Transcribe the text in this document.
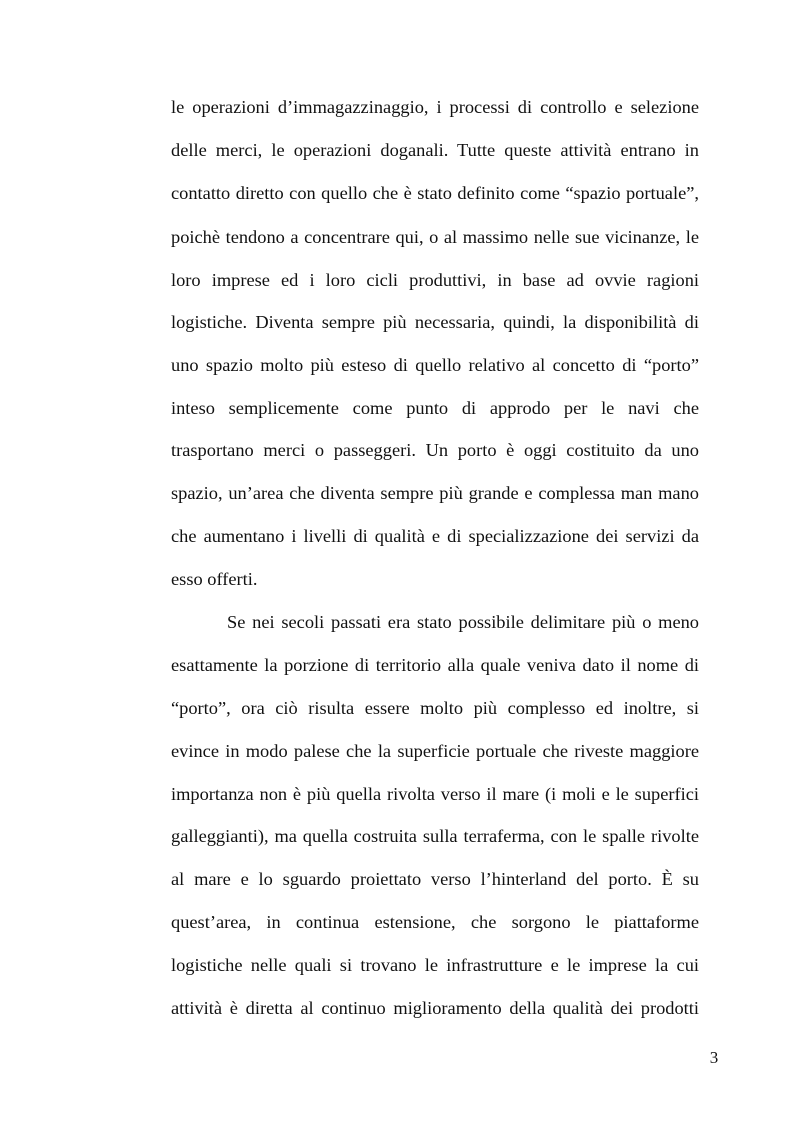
le operazioni d’immagazzinaggio, i processi di controllo e selezione
delle merci, le operazioni doganali. Tutte queste attività entrano in
contatto diretto con quello che è stato definito come “spazio portuale”,
poichè tendono a concentrare qui, o al massimo nelle sue vicinanze, le
loro imprese ed i loro cicli produttivi, in base ad ovvie ragioni
logistiche. Diventa sempre più necessaria, quindi, la disponibilità di
uno spazio molto più esteso di quello relativo al concetto di “porto”
inteso semplicemente come punto di approdo per le navi che
trasportano merci o passeggeri. Un porto è oggi costituito da uno
spazio, un’area che diventa sempre più grande e complessa man mano
che aumentano i livelli di qualità e di specializzazione dei servizi da
esso offerti.
Se nei secoli passati era stato possibile delimitare più o meno
esattamente la porzione di territorio alla quale veniva dato il nome di
“porto”, ora ciò risulta essere molto più complesso ed inoltre, si
evince in modo palese che la superficie portuale che riveste maggiore
importanza non è più quella rivolta verso il mare (i moli e le superfici
galleggianti), ma quella costruita sulla terraferma, con le spalle rivolte
al mare e lo sguardo proiettato verso l’hinterland del porto. È su
quest’area, in continua estensione, che sorgono le piattaforme
logistiche nelle quali si trovano le infrastrutture e le imprese la cui
attività è diretta al continuo miglioramento della qualità dei prodotti
3
